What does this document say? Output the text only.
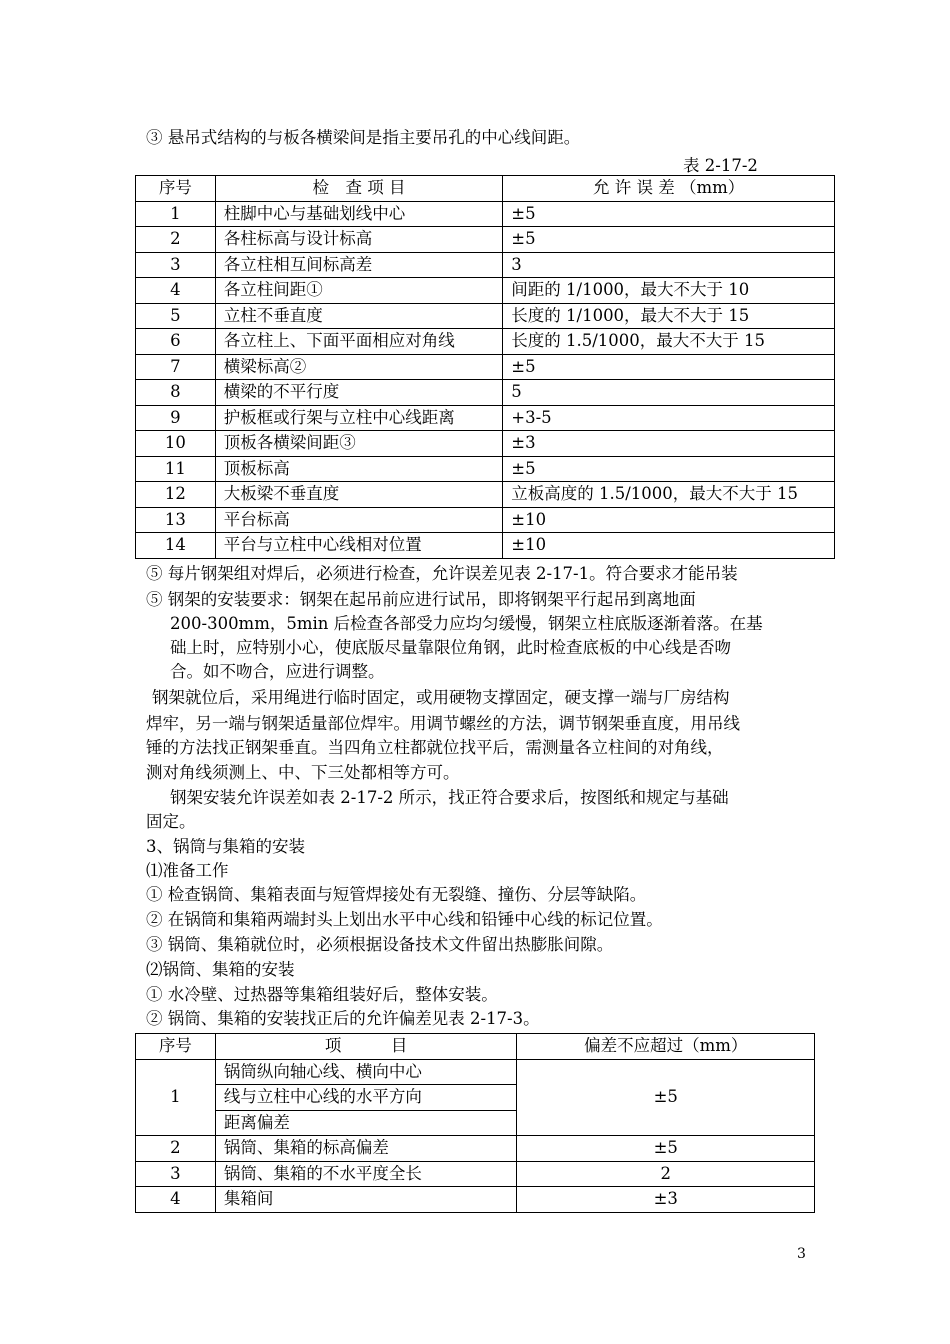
③ 悬吊式结构的与板各横梁间是指主要吊孔的中心线间距。
表 2-17-2
序号	检　查 项 目	允 许 误 差 （mm）
1	柱脚中心与基础划线中心	±5
2	各柱标高与设计标高	±5
3	各立柱相互间标高差	3
4	各立柱间距①	间距的 1/1000，最大不大于 10
5	立柱不垂直度	长度的 1/1000，最大不大于 15
6	各立柱上、下面平面相应对角线	长度的 1.5/1000，最大不大于 15
7	横梁标高②	±5
8	横梁的不平行度	5
9	护板框或行架与立柱中心线距离	+3-5
10	顶板各横梁间距③	±3
11	顶板标高	±5
12	大板梁不垂直度	立板高度的 1.5/1000，最大不大于 15
13	平台标高	±10
14	平台与立柱中心线相对位置	±10
⑤ 每片钢架组对焊后，必须进行检查，允许误差见表 2-17-1。符合要求才能吊装
⑤ 钢架的安装要求：钢架在起吊前应进行试吊，即将钢架平行起吊到离地面
200-300mm，5min 后检查各部受力应均匀缓慢，钢架立柱底版逐渐着落。在基
础上时，应特别小心，使底版尽量靠限位角钢，此时检查底板的中心线是否吻
合。如不吻合，应进行调整。
钢架就位后，采用绳进行临时固定，或用硬物支撑固定，硬支撑一端与厂房结构
焊牢，另一端与钢架适量部位焊牢。用调节螺丝的方法，调节钢架垂直度，用吊线
锤的方法找正钢架垂直。当四角立柱都就位找平后，需测量各立柱间的对角线，
测对角线须测上、中、下三处都相等方可。
钢架安装允许误差如表 2-17-2 所示，找正符合要求后，按图纸和规定与基础
固定。
3、锅筒与集箱的安装
⑴准备工作
① 检查锅筒、集箱表面与短管焊接处有无裂缝、撞伤、分层等缺陷。
② 在锅筒和集箱两端封头上划出水平中心线和铅锤中心线的标记位置。
③ 锅筒、集箱就位时，必须根据设备技术文件留出热膨胀间隙。
⑵锅筒、集箱的安装
① 水冷壁、过热器等集箱组装好后，整体安装。
② 锅筒、集箱的安装找正后的允许偏差见表 2-17-3。
序号	项　　　目	偏差不应超过（mm）
1	锅筒纵向轴心线、横向中心	±5
	线与立柱中心线的水平方向	
	距离偏差	
2	锅筒、集箱的标高偏差	±5
3	锅筒、集箱的不水平度全长	2
4	集箱间	±3
3
